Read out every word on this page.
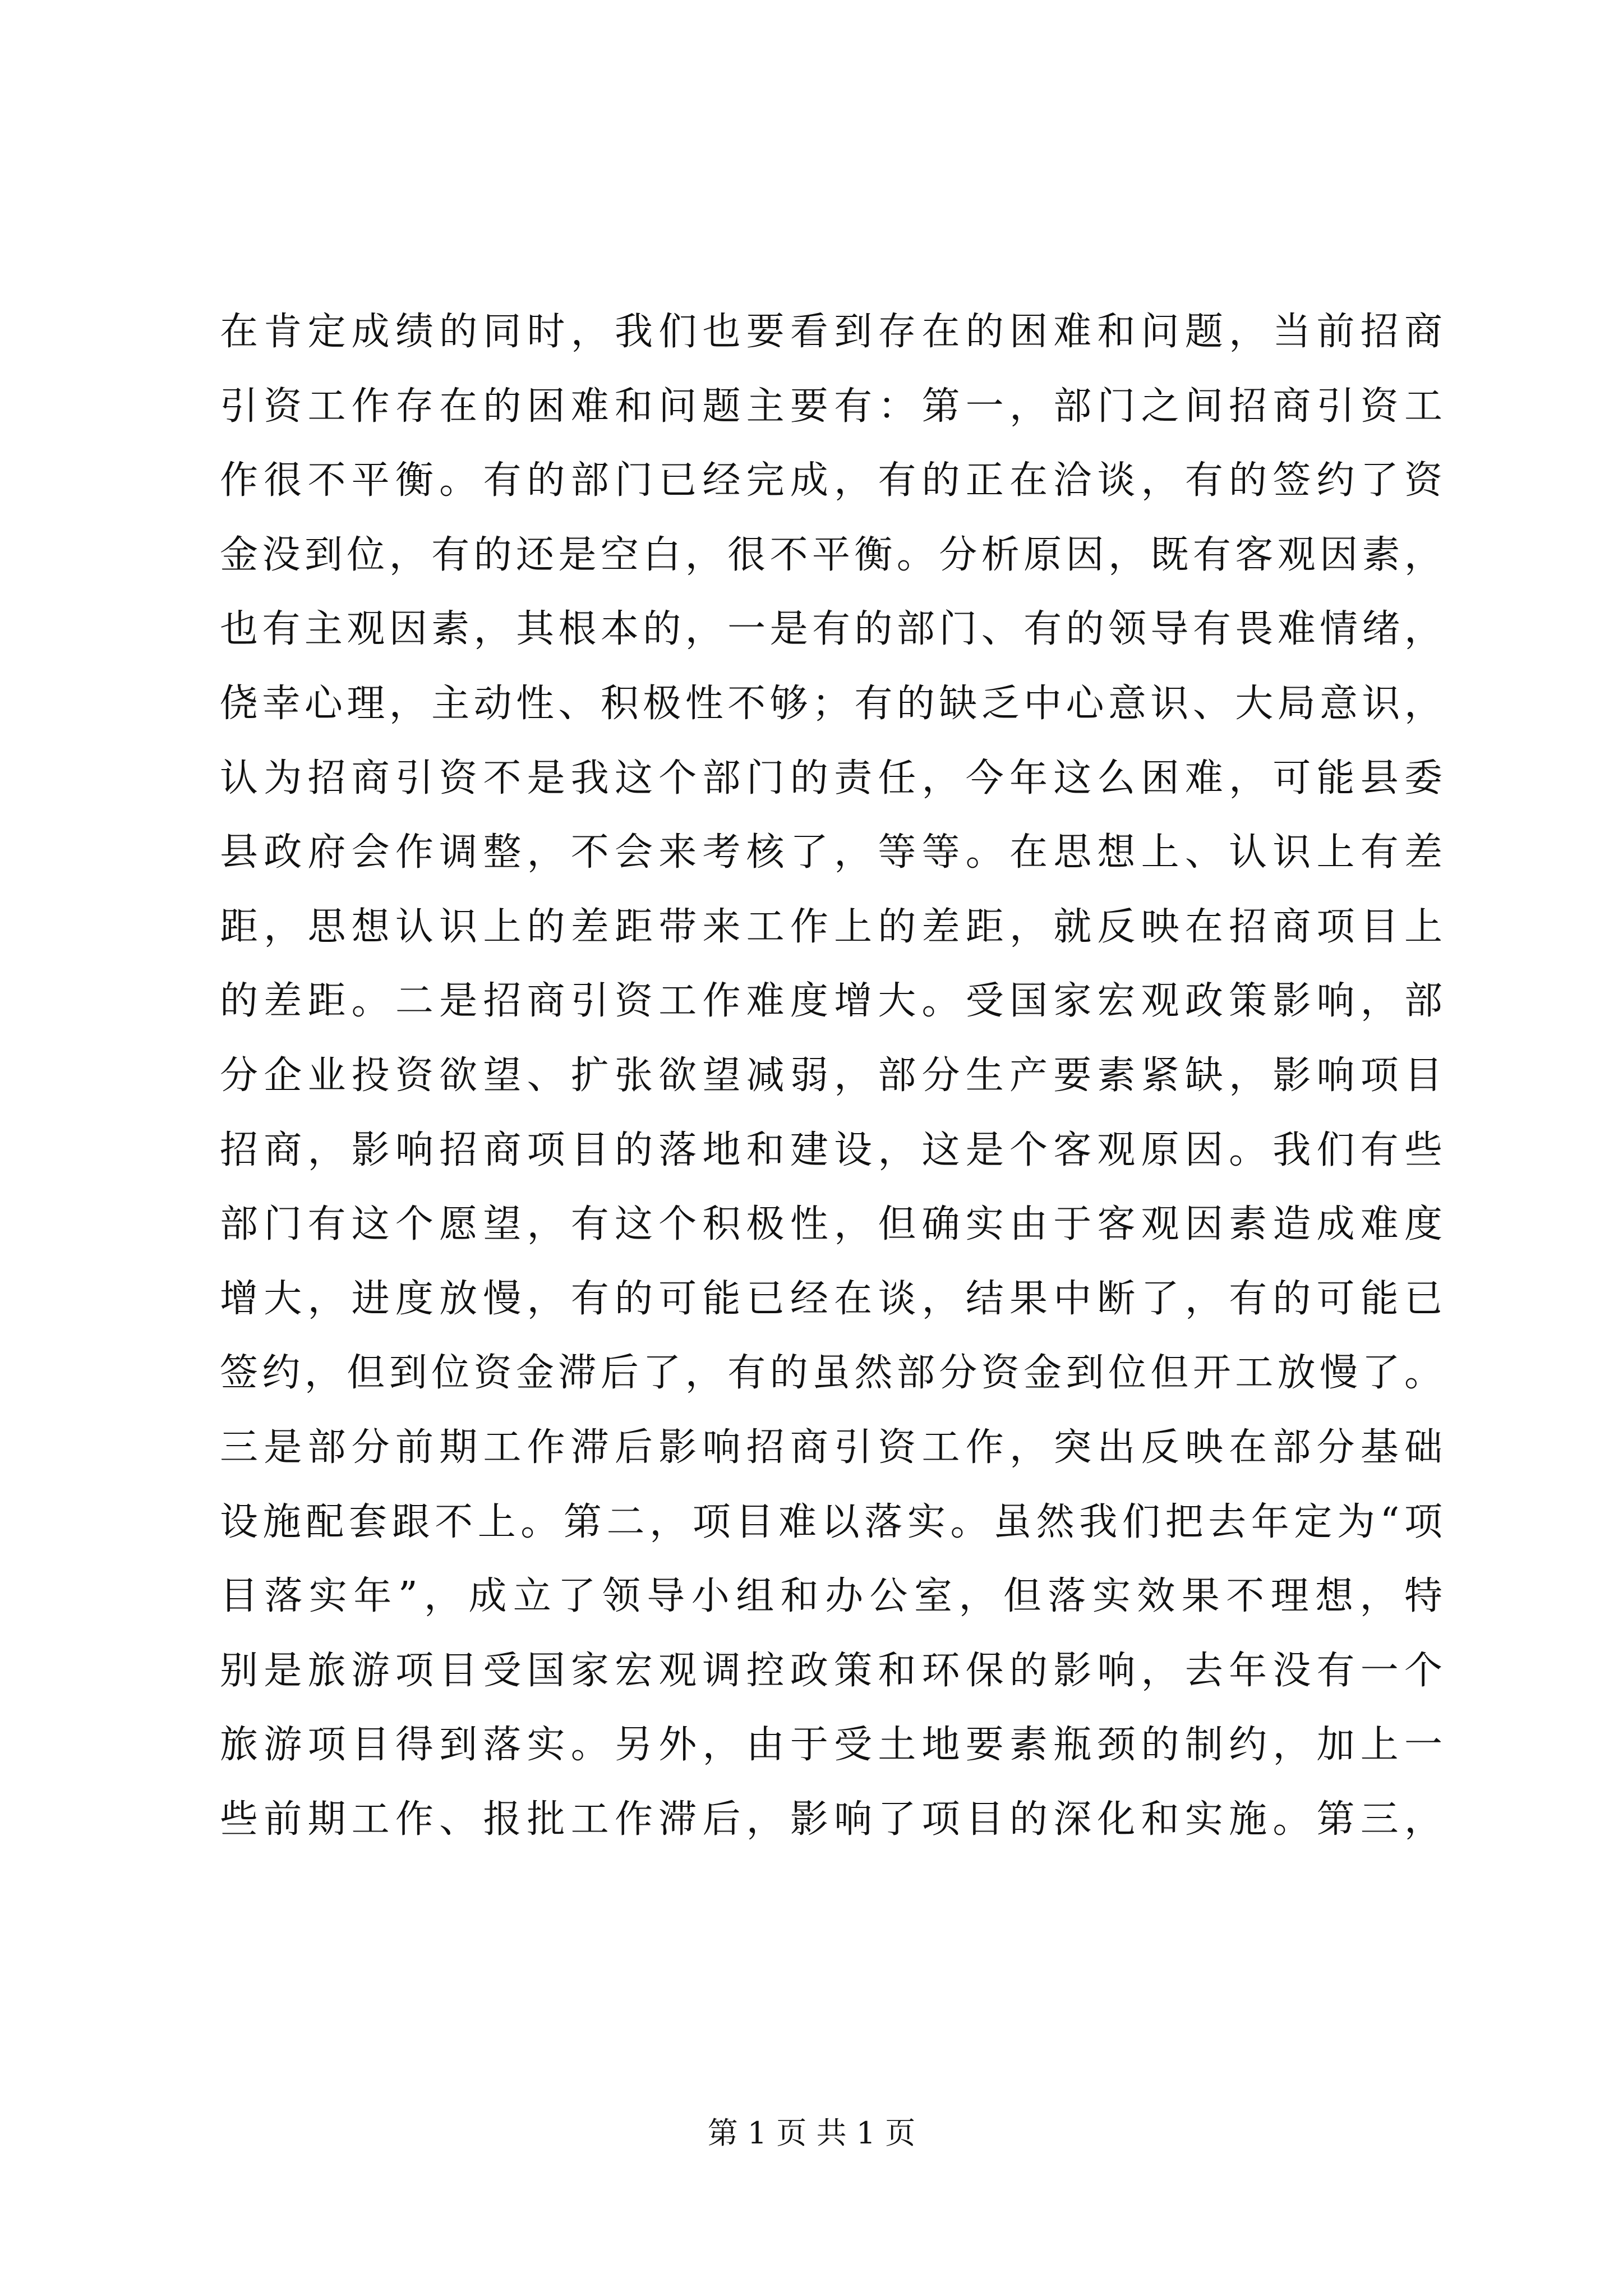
在肯定成绩的同时，我们也要看到存在的困难和问题，当前招商
引资工作存在的困难和问题主要有：第一，部门之间招商引资工
作很不平衡。有的部门已经完成，有的正在洽谈，有的签约了资
金没到位，有的还是空白，很不平衡。分析原因，既有客观因素，
也有主观因素，其根本的，一是有的部门、有的领导有畏难情绪，
侥幸心理，主动性、积极性不够；有的缺乏中心意识、大局意识，
认为招商引资不是我这个部门的责任，今年这么困难，可能县委
县政府会作调整，不会来考核了，等等。在思想上、认识上有差
距，思想认识上的差距带来工作上的差距，就反映在招商项目上
的差距。二是招商引资工作难度增大。受国家宏观政策影响，部
分企业投资欲望、扩张欲望减弱，部分生产要素紧缺，影响项目
招商，影响招商项目的落地和建设，这是个客观原因。我们有些
部门有这个愿望，有这个积极性，但确实由于客观因素造成难度
增大，进度放慢，有的可能已经在谈，结果中断了，有的可能已
签约，但到位资金滞后了，有的虽然部分资金到位但开工放慢了。
三是部分前期工作滞后影响招商引资工作，突出反映在部分基础
设施配套跟不上。第二，项目难以落实。虽然我们把去年定为“项
目落实年”，成立了领导小组和办公室，但落实效果不理想，特
别是旅游项目受国家宏观调控政策和环保的影响，去年没有一个
旅游项目得到落实。另外，由于受土地要素瓶颈的制约，加上一
些前期工作、报批工作滞后，影响了项目的深化和实施。第三，
第 1 页 共 1 页
